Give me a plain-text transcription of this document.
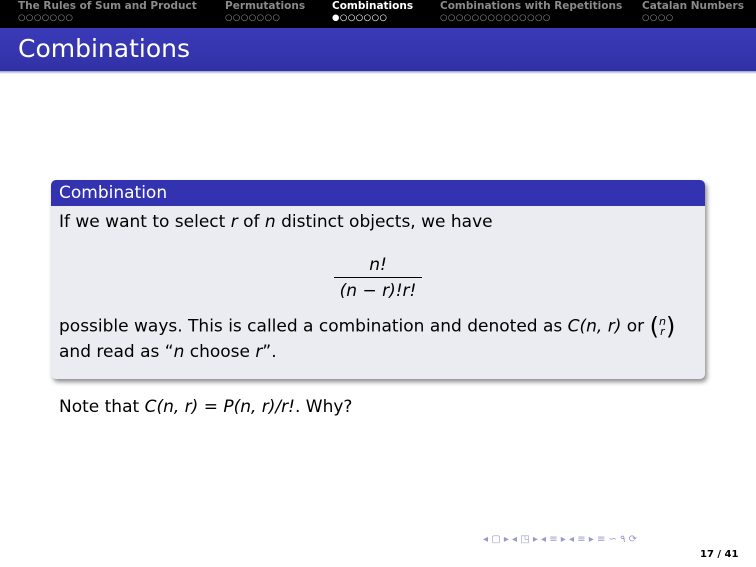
The Rules of Sum and Product
○○○○○○○
Permutations
○○○○○○○
Combinations
●○○○○○○
Combinations with Repetitions
○○○○○○○○○○○○○○
Catalan Numbers
○○○○
Combinations
Combination
If we want to select r of n distinct objects, we have
$\frac{n!}{(n - r)!r!}$
possible ways. This is called a combination and denoted as C(n, r) or (n
r)
and read as “n choose r”.
Note that C(n, r) = P(n, r)/r!. Why?
◂ ▢ ▸ ◂ ◳ ▸ ◂ ≡ ▸ ◂ ≡ ▸ ≡ ∽ ۹ ⟳
17 / 41
